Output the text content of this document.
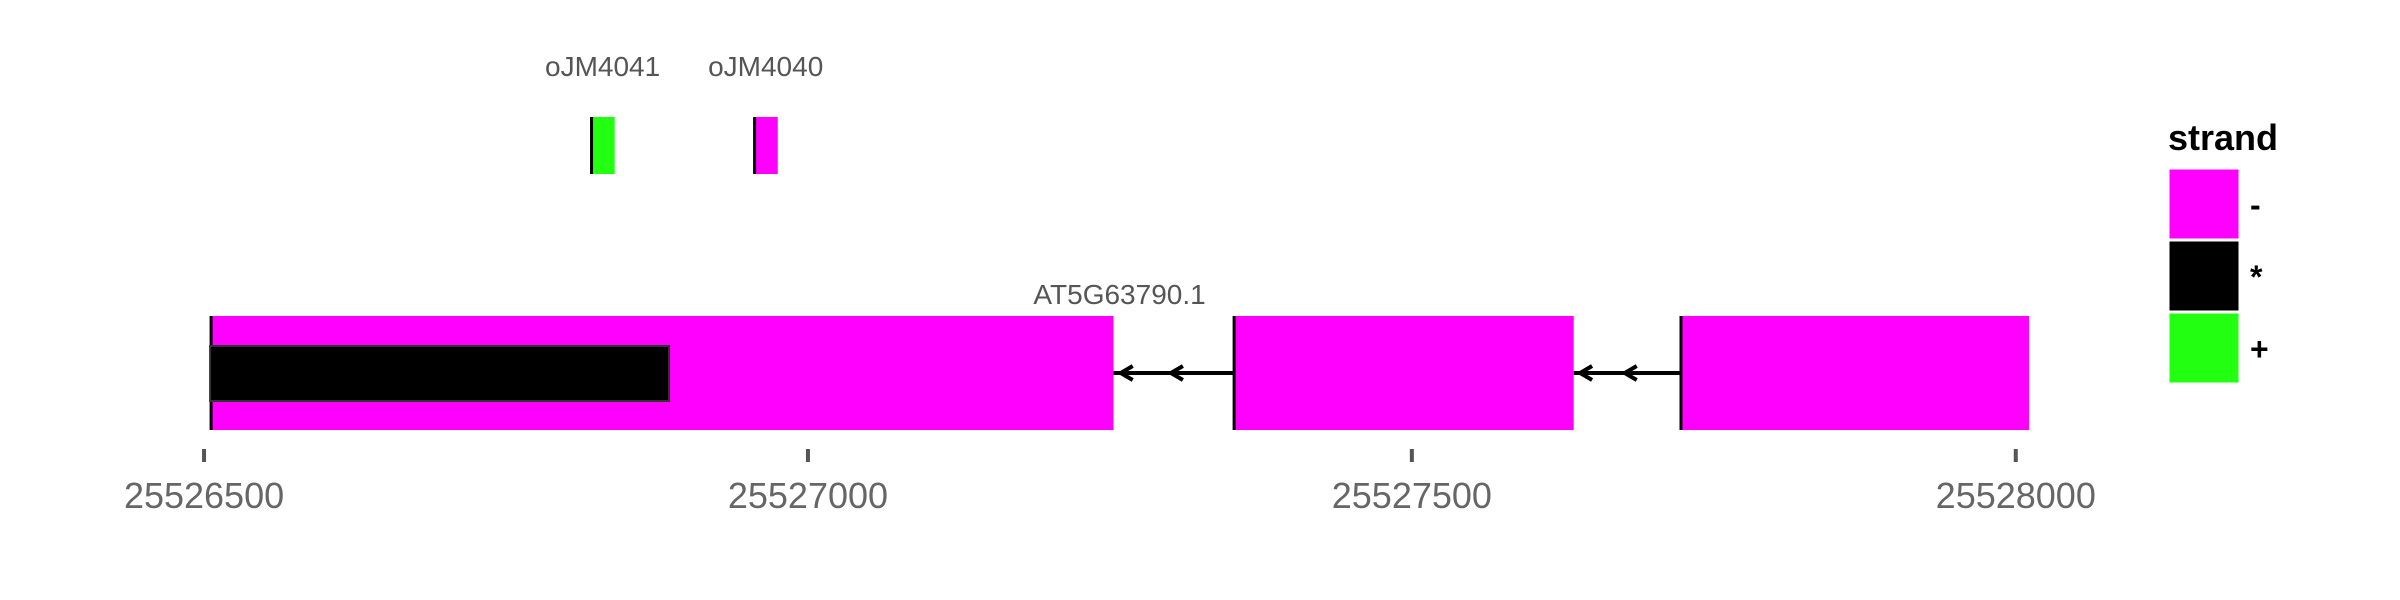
AT5G63790.1
oJM4041 oJM4040
25526500	25527000	25527500	25528000
strand
-
*
+
